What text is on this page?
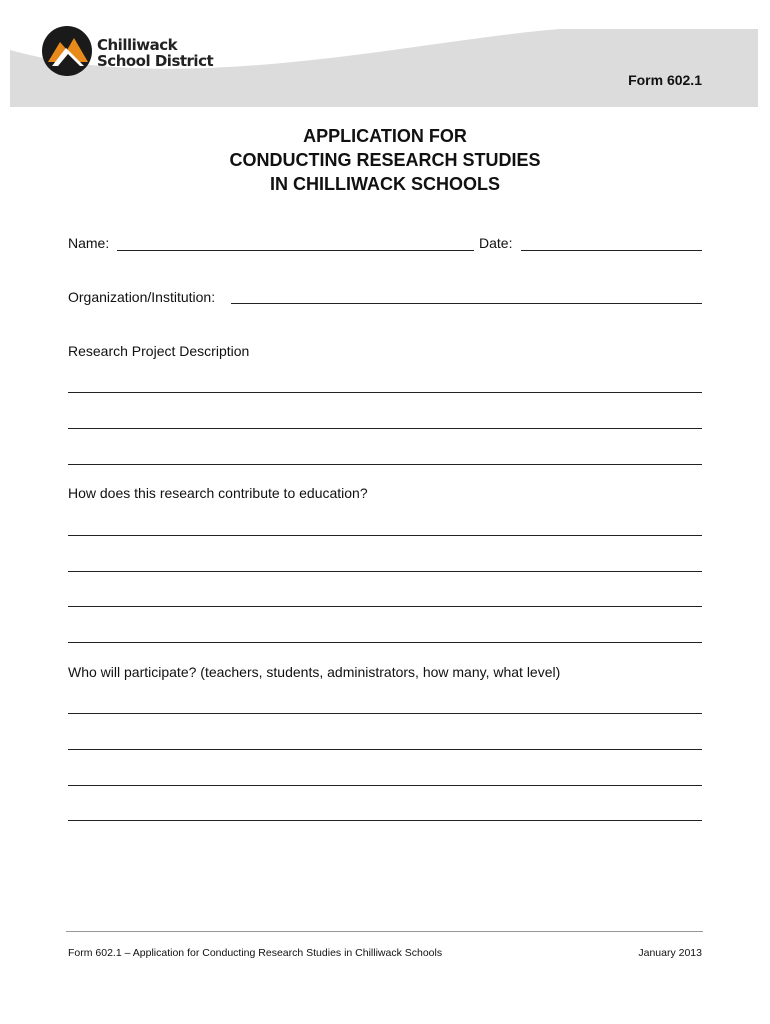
Chilliwack
School District
Form 602.1
APPLICATION FOR
CONDUCTING RESEARCH STUDIES
IN CHILLIWACK SCHOOLS
Name:	Date:
Organization/Institution:
Research Project Description
How does this research contribute to education?
Who will participate? (teachers, students, administrators, how many, what level)
Form 602.1 – Application for Conducting Research Studies in Chilliwack Schools	January 2013
